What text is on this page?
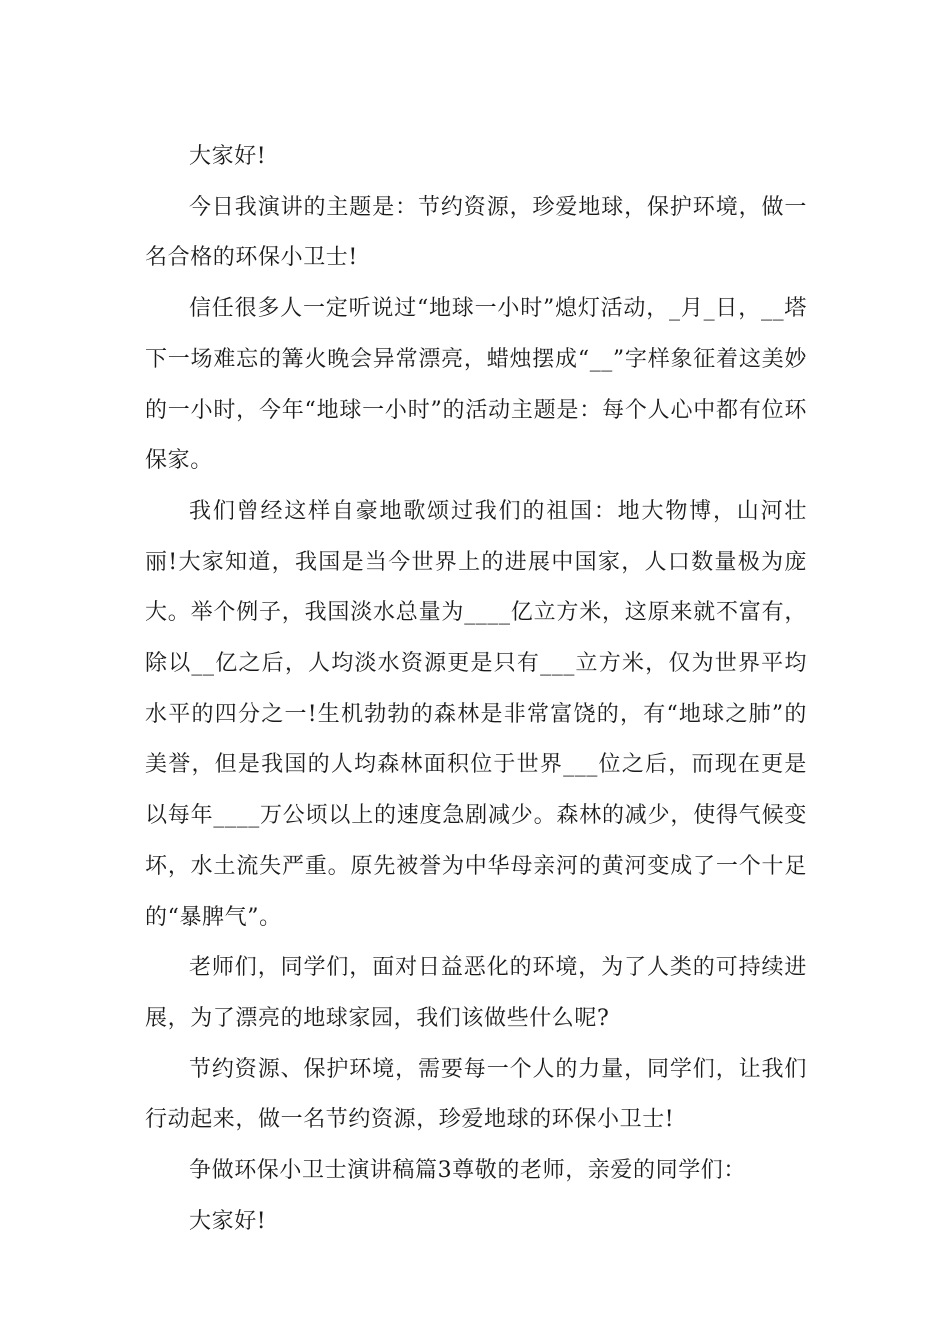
大家好!

今日我演讲的主题是：节约资源，珍爱地球，保护环境，做一名合格的环保小卫士!

信任很多人一定听说过“地球一小时”熄灯活动，_月_日，__塔下一场难忘的篝火晚会异常漂亮，蜡烛摆成“__”字样象征着这美妙的一小时，今年“地球一小时”的活动主题是：每个人心中都有位环保家。

我们曾经这样自豪地歌颂过我们的祖国：地大物博，山河壮丽!大家知道，我国是当今世界上的进展中国家，人口数量极为庞大。举个例子，我国淡水总量为____亿立方米，这原来就不富有，除以__亿之后，人均淡水资源更是只有___立方米，仅为世界平均水平的四分之一!生机勃勃的森林是非常富饶的，有“地球之肺”的美誉，但是我国的人均森林面积位于世界___位之后，而现在更是以每年____万公顷以上的速度急剧减少。森林的减少，使得气候变坏，水土流失严重。原先被誉为中华母亲河的黄河变成了一个十足的“暴脾气”。

老师们，同学们，面对日益恶化的环境，为了人类的可持续进展，为了漂亮的地球家园，我们该做些什么呢?

节约资源、保护环境，需要每一个人的力量，同学们，让我们行动起来，做一名节约资源，珍爱地球的环保小卫士!

争做环保小卫士演讲稿篇3尊敬的老师，亲爱的同学们：

大家好!
